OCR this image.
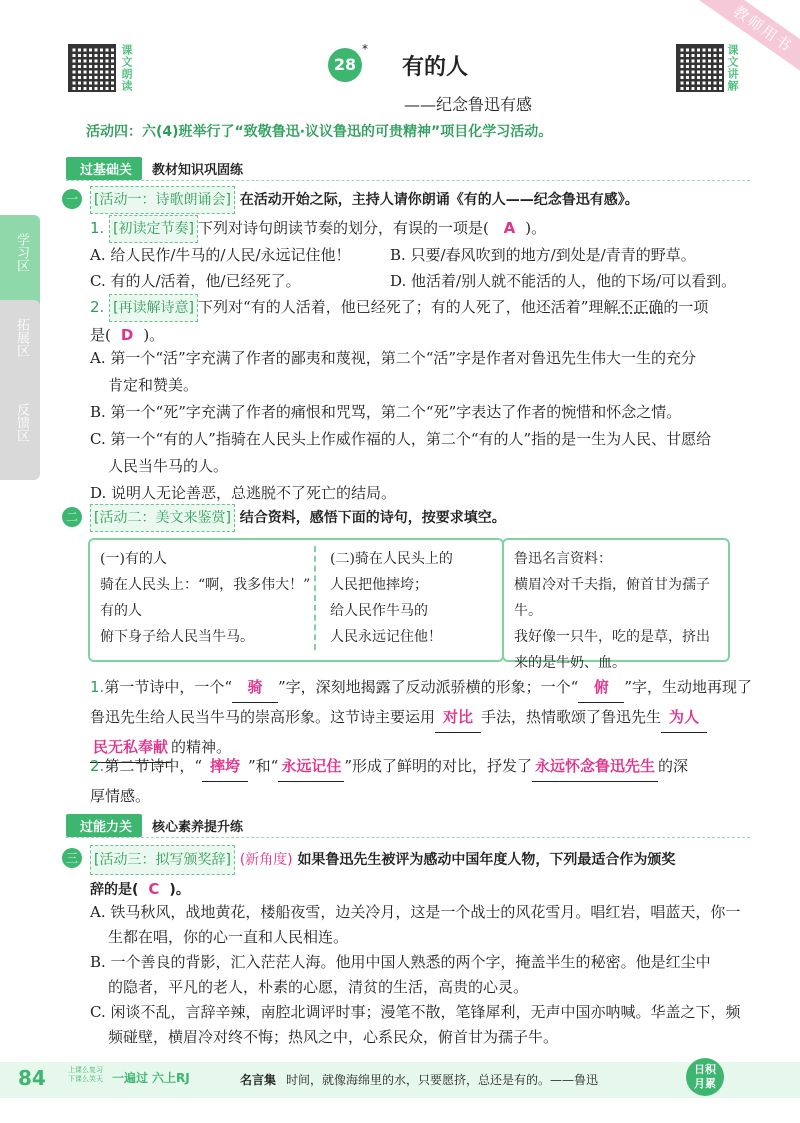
课文朗读	课文讲解
教师用书
28
*
有的人
——纪念鲁迅有感
活动四：六(4)班举行了“致敬鲁迅·议议鲁迅的可贵精神”项目化学习活动。
过基础关	教材知识巩固练
学习区
拓展区
反馈区
一 [活动一：诗歌朗诵会] 在活动开始之际，主持人请你朗诵《有的人——纪念鲁迅有感》。
1. [初读定节奏] 下列对诗句朗读节奏的划分，有误的一项是( A )。
A. 给人民作/牛马的/人民/永远记住他！	B. 只要/春风吹到的地方/到处是/青青的野草。
C. 有的人/活着，他/已经死了。	D. 他活着/别人就不能活的人，他的下场/可以看到。
2. [再读解诗意] 下列对“有的人活着，他已经死了；有的人死了，他还活着”理解不正确的一项
是( D )。
A. 第一个“活”字充满了作者的鄙夷和蔑视，第二个“活”字是作者对鲁迅先生伟大一生的充分
肯定和赞美。
B. 第一个“死”字充满了作者的痛恨和咒骂，第二个“死”字表达了作者的惋惜和怀念之情。
C. 第一个“有的人”指骑在人民头上作威作福的人，第二个“有的人”指的是一生为人民、甘愿给
人民当牛马的人。
D. 说明人无论善恶，总逃脱不了死亡的结局。
二 [活动二：美文来鉴赏] 结合资料，感悟下面的诗句，按要求填空。
(一)有的人
骑在人民头上：“啊，我多伟大！”
有的人
俯下身子给人民当牛马。
(二)骑在人民头上的
人民把他摔垮；
给人民作牛马的
人民永远记住他！
鲁迅名言资料：
横眉冷对千夫指，俯首甘为孺子牛。
我好像一只牛，吃的是草，挤出
来的是牛奶、血。
1.第一节诗中，一个“ 骑 ”字，深刻地揭露了反动派骄横的形象；一个“ 俯 ”字，生动地再现了
鲁迅先生给人民当牛马的崇高形象。这节诗主要运用 对比 手法，热情歌颂了鲁迅先生 为人
民无私奉献 的精神。
2.第二节诗中，“ 摔垮 ”和“ 永远记住 ”形成了鲜明的对比，抒发了 永远怀念鲁迅先生 的深
厚情感。
过能力关	核心素养提升练
三 [活动三：拟写颁奖辞] (新角度) 如果鲁迅先生被评为感动中国年度人物，下列最适合作为颁奖
辞的是( C )。
A. 铁马秋风，战地黄花，楼船夜雪，边关冷月，这是一个战士的风花雪月。唱红岩，唱蓝天，你一
生都在唱，你的心一直和人民相连。
B. 一个善良的背影，汇入茫茫人海。他用中国人熟悉的两个字，掩盖半生的秘密。他是红尘中
的隐者，平凡的老人，朴素的心愿，清贫的生活，高贵的心灵。
C. 闲谈不乱，言辞辛辣，南腔北调评时事；漫笔不散，笔锋犀利，无声中国亦呐喊。华盖之下，频
频碰壁，横眉冷对终不悔；热风之中，心系民众，俯首甘为孺子牛。
84	上课么复习
下课么笑天 一遍过 六上RJ	名言集 时间，就像海绵里的水，只要愿挤，总还是有的。——鲁迅
日积
月累
